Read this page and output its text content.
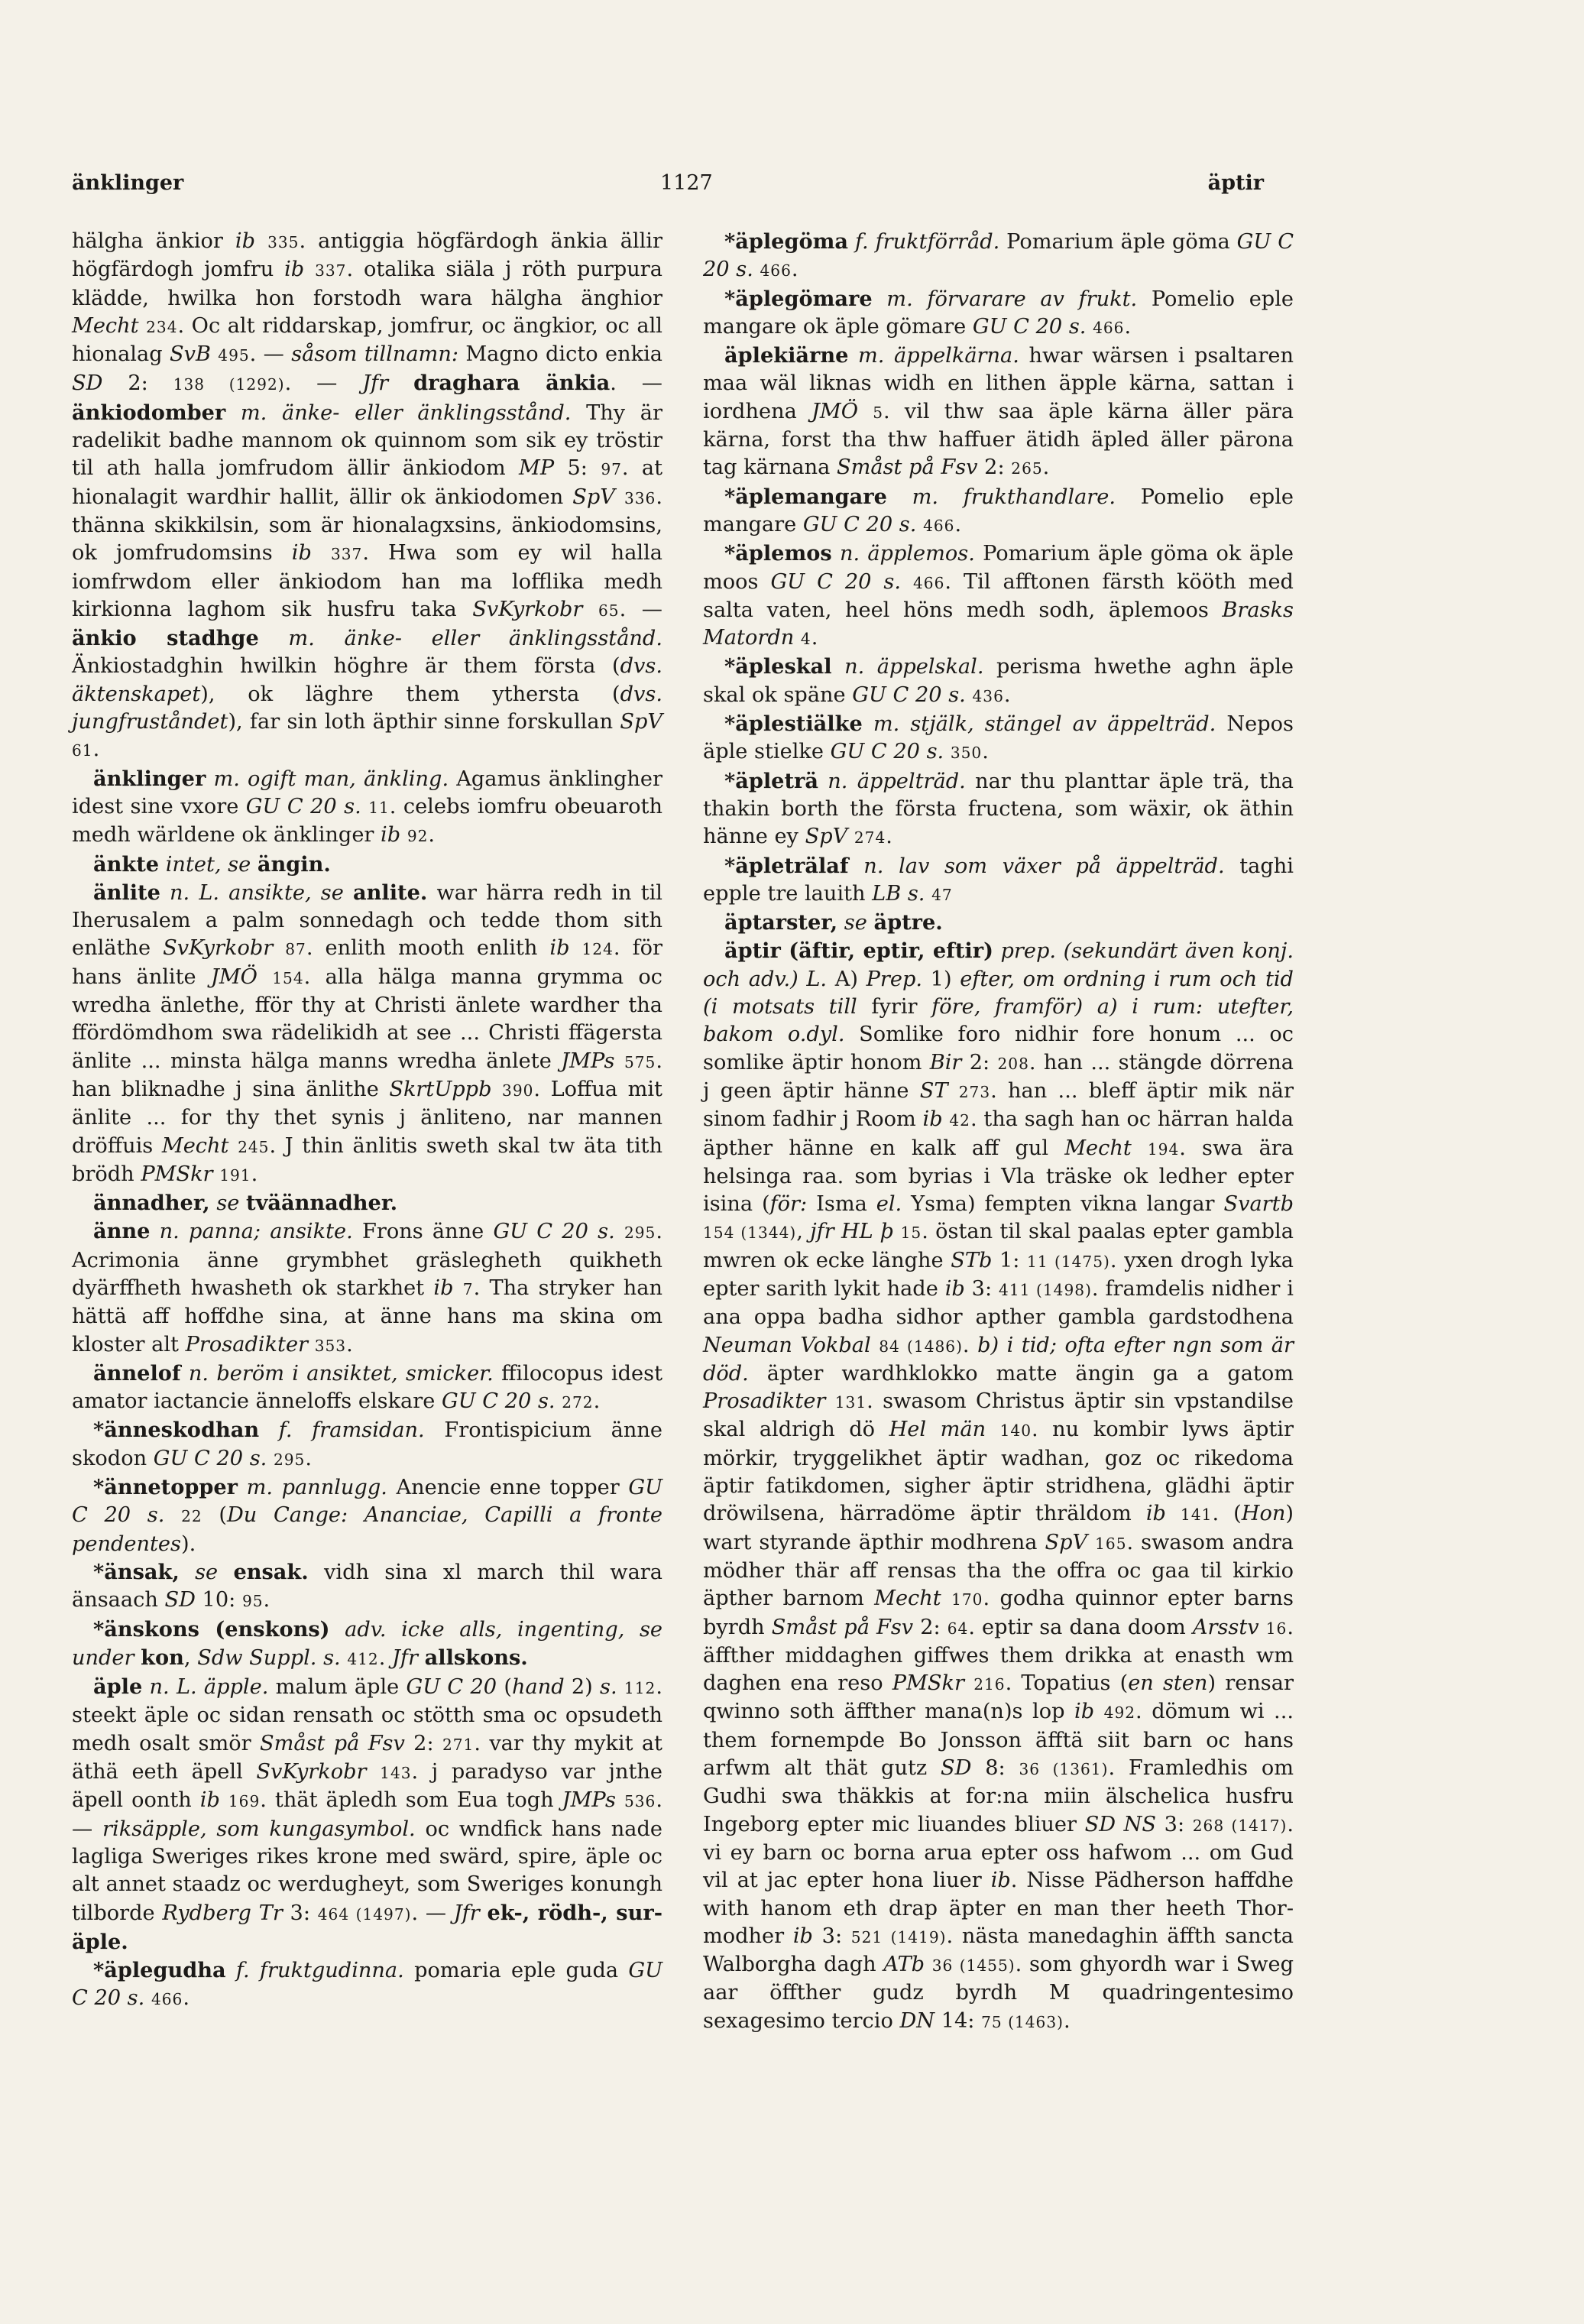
änklinger	1127	äptir

hälgha änkior ib 335. antiggia högfärdogh änkia ällir högfärdogh jomfru ib 337. otalika siäla j röth purpura klädde, hwilka hon forstodh wara hälgha änghior Mecht 234. Oc alt riddarskap, jomfrur, oc ängkior, oc all hionalag SvB 495. — såsom tillnamn: Magno dicto enkia SD 2: 138 (1292). — Jfr draghara änkia. — änkiodomber m. änke- eller änklingsstånd. Thy är radelikit badhe mannom ok quinnom som sik ey tröstir til ath halla jomfrudom ällir änkiodom MP 5: 97. at hionalagit wardhir hallit, ällir ok änkiodomen SpV 336. thänna skikkilsin, som är hionalagxsins, änkiodomsins, ok jomfrudomsins ib 337. Hwa som ey wil halla iomfrwdom eller änkiodom han ma lofflika medh kirkionna laghom sik husfru taka SvKyrkobr 65. — änkio stadhge m. änke- eller änklingsstånd. Änkiostadghin hwilkin höghre är them första (dvs. äktenskapet), ok läghre them ythersta (dvs. jungfruståndet), far sin loth äpthir sinne forskullan SpV 61.

änklinger m. ogift man, änkling. Agamus änklingher idest sine vxore GU C 20 s. 11. celebs iomfru obeuaroth medh wärldene ok änklinger ib 92.

änkte intet, se ängin.

änlite n. L. ansikte, se anlite. war härra redh in til Iherusalem a palm sonnedagh och tedde thom sith enläthe SvKyrkobr 87. enlith mooth enlith ib 124. för hans änlite JMÖ 154. alla hälga manna grymma oc wredha änlethe, fför thy at Christi änlete wardher tha ffördömdhom swa rädelikidh at see ... Christi ffägersta änlite ... minsta hälga manns wredha änlete JMPs 575. han bliknadhe j sina änlithe SkrtUppb 390. Loffua mit änlite ... for thy thet synis j änliteno, nar mannen dröffuis Mecht 245. J thin änlitis sweth skal tw äta tith brödh PMSkr 191.

ännadher, se tväännadher.

änne n. panna; ansikte. Frons änne GU C 20 s. 295. Acrimonia änne grymbhet gräslegheth quikheth dyärffheth hwasheth ok starkhet ib 7. Tha stryker han hättä aff hoffdhe sina, at änne hans ma skina om kloster alt Prosadikter 353.

ännelof n. beröm i ansiktet, smicker. ffilocopus idest amator iactancie änneloffs elskare GU C 20 s. 272.

*änneskodhan f. framsidan. Frontispicium änne skodon GU C 20 s. 295.

*ännetopper m. pannlugg. Anencie enne topper GU C 20 s. 22 (Du Cange: Ananciae, Capilli a fronte pendentes).

*änsak, se ensak. vidh sina xl march thil wara änsaach SD 10: 95.

*änskons (enskons) adv. icke alls, ingenting, se under kon, Sdw Suppl. s. 412. Jfr allskons.

äple n. L. äpple. malum äple GU C 20 (hand 2) s. 112. steekt äple oc sidan rensath oc stötth sma oc opsudeth medh osalt smör Småst på Fsv 2: 271. var thy mykit at äthä eeth äpell SvKyrkobr 143. j paradyso var jnthe äpell oonth ib 169. thät äpledh som Eua togh JMPs 536. — riksäpple, som kungasymbol. oc wndfick hans nade lagliga Sweriges rikes krone med swärd, spire, äple oc alt annet staadz oc werdugheyt, som Sweriges konungh tilborde Rydberg Tr 3: 464 (1497). — Jfr ek-, rödh-, sur-äple.

*äplegudha f. fruktgudinna. pomaria eple guda GU C 20 s. 466.

*äplegöma f. fruktförråd. Pomarium äple göma GU C 20 s. 466.

*äplegömare m. förvarare av frukt. Pomelio eple mangare ok äple gömare GU C 20 s. 466.

äplekiärne m. äppelkärna. hwar wärsen i psaltaren maa wäl liknas widh en lithen äpple kärna, sattan i iordhena JMÖ 5. vil thw saa äple kärna äller pära kärna, forst tha thw haffuer ätidh äpled äller pärona tag kärnana Småst på Fsv 2: 265.

*äplemangare m. frukthandlare. Pomelio eple mangare GU C 20 s. 466.

*äplemos n. äpplemos. Pomarium äple göma ok äple moos GU C 20 s. 466. Til afftonen färsth kööth med salta vaten, heel höns medh sodh, äplemoos Brasks Matordn 4.

*äpleskal n. äppelskal. perisma hwethe aghn äple skal ok späne GU C 20 s. 436.

*äplestiälke m. stjälk, stängel av äppelträd. Nepos äple stielke GU C 20 s. 350.

*äpleträ n. äppelträd. nar thu planttar äple trä, tha thakin borth the första fructena, som wäxir, ok äthin hänne ey SpV 274.

*äpleträlaf n. lav som växer på äppelträd. taghi epple tre lauith LB s. 47

äptarster, se äptre.

äptir (äftir, eptir, eftir) prep. (sekundärt även konj. och adv.) L. A) Prep. 1) efter, om ordning i rum och tid (i motsats till fyrir före, framför) a) i rum: utefter, bakom o.dyl. Somlike foro nidhir fore honum ... oc somlike äptir honom Bir 2: 208. han ... stängde dörrena j geen äptir hänne ST 273. han ... bleff äptir mik när sinom fadhir j Room ib 42. tha sagh han oc härran halda äpther hänne en kalk aff gul Mecht 194. swa ära helsinga raa. som byrias i Vla träske ok ledher epter isina (för: Isma el. Ysma) fempten vikna langar Svartb 154 (1344), jfr HL þ 15. östan til skal paalas epter gambla mwren ok ecke länghe STb 1: 11 (1475). yxen drogh lyka epter sarith lykit hade ib 3: 411 (1498). framdelis nidher i ana oppa badha sidhor apther gambla gardstodhena Neuman Vokbal 84 (1486). b) i tid; ofta efter ngn som är död. äpter wardhklokko matte ängin ga a gatom Prosadikter 131. swasom Christus äptir sin vpstandilse skal aldrigh dö Hel män 140. nu kombir lyws äptir mörkir, tryggelikhet äptir wadhan, goz oc rikedoma äptir fatikdomen, sigher äptir stridhena, glädhi äptir dröwilsena, härradöme äptir thräldom ib 141. (Hon) wart styrande äpthir modhrena SpV 165. swasom andra mödher thär aff rensas tha the offra oc gaa til kirkio äpther barnom Mecht 170. godha quinnor epter barns byrdh Småst på Fsv 2: 64. eptir sa dana doom Arsstv 16. äffther middaghen giffwes them drikka at enasth wm daghen ena reso PMSkr 216. Topatius (en sten) rensar qwinno soth äffther mana(n)s lop ib 492. dömum wi ... them fornempde Bo Jonsson äfftä siit barn oc hans arfwm alt thät gutz SD 8: 36 (1361). Framledhis om Gudhi swa thäkkis at for:na miin älschelica husfru Ingeborg epter mic liuandes bliuer SD NS 3: 268 (1417). vi ey barn oc borna arua epter oss hafwom ... om Gud vil at jac epter hona liuer ib. Nisse Pädherson haffdhe with hanom eth drap äpter en man ther heeth Thormodher ib 3: 521 (1419). nästa manedaghin äffth sancta Walborgha dagh ATb 36 (1455). som ghyordh war i Sweg aar öffther gudz byrdh M quadringentesimo sexagesimo tercio DN 14: 75 (1463).
